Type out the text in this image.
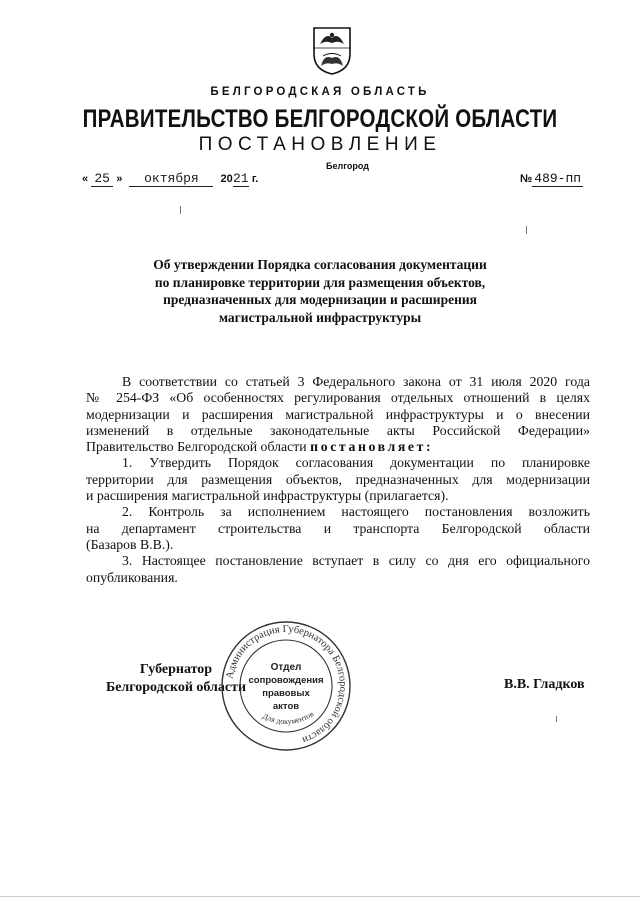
БЕЛГОРОДСКАЯ ОБЛАСТЬ
ПРАВИТЕЛЬСТВО БЕЛГОРОДСКОЙ ОБЛАСТИ
ПОСТАНОВЛЕНИЕ
Белгород
« 25 » октября 2021 г.	№ 489-пп
Об утверждении Порядка согласования документации
по планировке территории для размещения объектов,
предназначенных для модернизации и расширения
магистральной инфраструктуры

В соответствии со статьей 3 Федерального закона от 31 июля 2020 года
№ 254-ФЗ «Об особенностях регулирования отдельных отношений в целях
модернизации и расширения магистральной инфраструктуры и о внесении
изменений в отдельные законодательные акты Российской Федерации»
Правительство Белгородской области постановляет:

1. Утвердить Порядок согласования документации по планировке
территории для размещения объектов, предназначенных для модернизации
и расширения магистральной инфраструктуры (прилагается).

2. Контроль за исполнением настоящего постановления возложить
на департамент строительства и транспорта Белгородской области
(Базаров В.В.).

3. Настоящее постановление вступает в силу со дня его официального
опубликования.

Губернатор
Белгородской области	В.В. Гладков
Администрация Губернатора Белгородской области
Отдел
сопровождения
правовых
актов
Для документов
